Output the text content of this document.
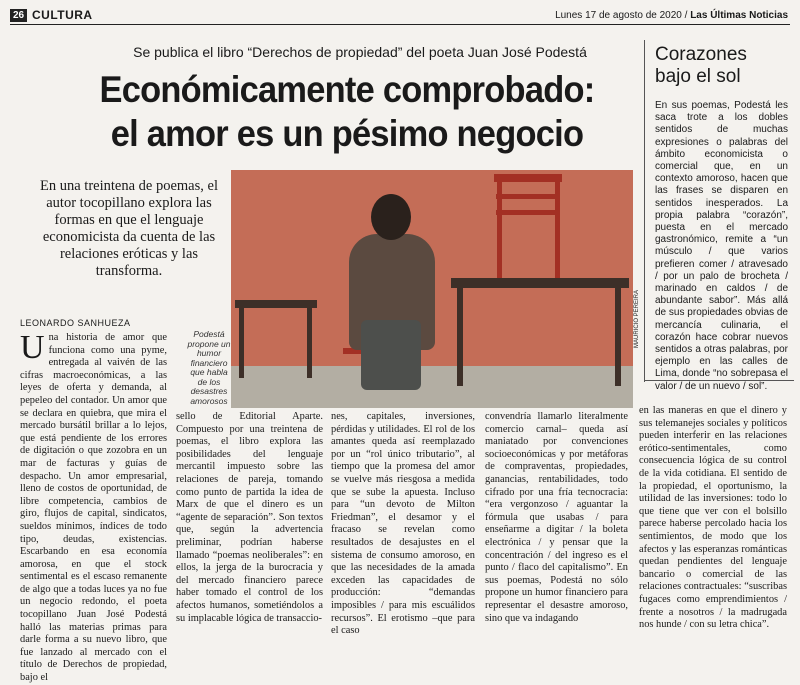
26 CULTURA	Lunes 17 de agosto de 2020 / Las Últimas Noticias
Se publica el libro “Derechos de propiedad” del poeta Juan José Podestá
Económicamente comprobado:
el amor es un pésimo negocio
En una treintena de poemas, el autor tocopillano explora las formas en que el lenguaje economicista da cuenta de las relaciones eróticas y las transforma.
MAURICIO PEREIRA
Podestá propone un humor financiero que habla de los desastres amorosos
LEONARDO SANHUEZA
Una historia de amor que funciona como una pyme, entregada al vaivén de las cifras macroeconómicas, a las leyes de oferta y demanda, al pepeleo del contador. Un amor que se declara en quiebra, que mira el mercado bursátil brillar a lo lejos, que está pendiente de los errores de digitación o que zozobra en un mar de facturas y guías de despacho. Un amor empresarial, lleno de costos de oportunidad, de libre competencia, cambios de giro, flujos de capital, sindicatos, sueldos mínimos, índices de todo tipo, deudas, existencias. Escarbando en esa economía amorosa, en que el stock sentimental es el escaso remanente de algo que a todas luces ya no fue un negocio redondo, el poeta tocopillano Juan José Podestá halló las materias primas para darle forma a su nuevo libro, que fue lanzado al mercado con el título de Derechos de propiedad, bajo el
sello de Editorial Aparte. Compuesto por una treintena de poemas, el libro explora las posibilidades del lenguaje mercantil impuesto sobre las relaciones de pareja, tomando como punto de partida la idea de Marx de que el dinero es un “agente de separación”. Son textos que, según la advertencia preliminar, podrían haberse llamado “poemas neoliberales”: en ellos, la jerga de la burocracia y del mercado financiero parece haber tomado el control de los afectos humanos, sometiéndolos a su implacable lógica de transaccio-
nes, capitales, inversiones, pérdidas y utilidades. El rol de los amantes queda así reemplazado por un “rol único tributario”, al tiempo que la promesa del amor se vuelve más riesgosa a medida que se sube la apuesta. Incluso para “un devoto de Milton Friedman”, el desamor y el fracaso se revelan como resultados de desajustes en el sistema de consumo amoroso, en que las necesidades de la amada exceden las capacidades de producción: “demandas imposibles / para mis escuálidos recursos”. El erotismo –que para el caso
convendría llamarlo literalmente comercio carnal– queda así maniatado por convenciones socioeconómicas y por metáforas de compraventas, propiedades, ganancias, rentabilidades, todo cifrado por una fría tecnocracia: “era vergonzoso / aguantar la fórmula que usabas / para enseñarme a digitar / la boleta electrónica / y pensar que la concentración / del ingreso es el punto / flaco del capitalismo”. En sus poemas, Podestá no sólo propone un humor financiero para representar el desastre amoroso, sino que va indagando
en las maneras en que el dinero y sus telemanejes sociales y políticos pueden interferir en las relaciones erótico-sentimentales, como consecuencia lógica de su control de la vida cotidiana. El sentido de la propiedad, el oportunismo, la utilidad de las inversiones: todo lo que tiene que ver con el bolsillo parece haberse percolado hacia los sentimientos, de modo que los afectos y las esperanzas románticas quedan pendientes del lenguaje bancario o comercial de las relaciones contractuales: “suscribas fugaces como emprendimientos / frente a nosotros / la madrugada nos hunde / con su letra chica”.
Corazones bajo el sol
En sus poemas, Podestá les saca trote a los dobles sentidos de muchas expresiones o palabras del ámbito economicista o comercial que, en un contexto amoroso, hacen que las frases se disparen en sentidos inesperados. La propia palabra “corazón”, puesta en el mercado gastronómico, remite a “un músculo / que varios prefieren comer / atravesado / por un palo de brocheta / marinado en caldos / de abundante sabor”. Más allá de sus propiedades obvias de mercancía culinaria, el corazón hace cobrar nuevos sentidos a otras palabras, por ejemplo en las calles de Lima, donde “no sobrepasa el valor / de un nuevo / sol”.
